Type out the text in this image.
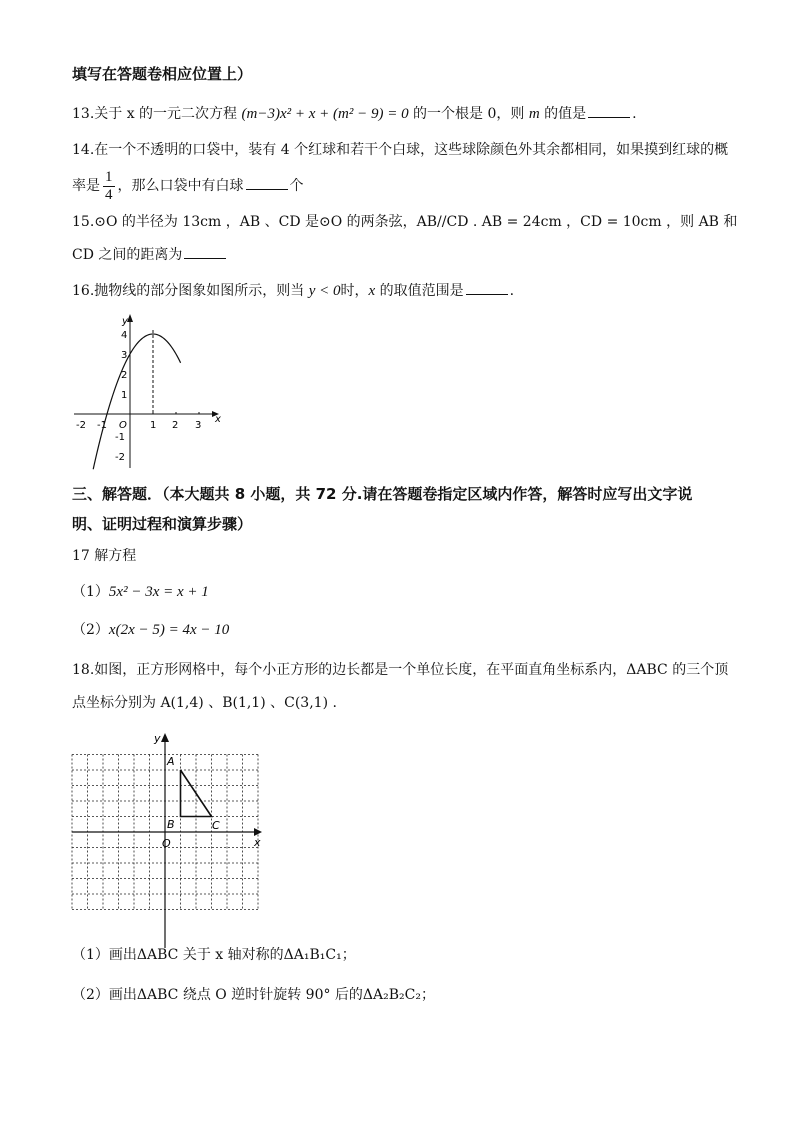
填写在答题卷相应位置上）
13.关于 x 的一元二次方程 (m−3)x² + x + (m² − 9) = 0 的一个根是 0，则 m 的值是	.
14.在一个不透明的口袋中，装有 4 个红球和若干个白球，这些球除颜色外其余都相同，如果摸到红球的概
率是 $\frac{1}{4}$ ，那么口袋中有白球	个
15.⊙O 的半径为 13cm ，AB 、CD 是⊙O 的两条弦，AB//CD . AB = 24cm ，CD = 10cm ，则 AB 和
CD 之间的距离为
16.抛物线的部分图象如图所示，则当 y < 0时，x 的取值范围是	.
x
y
O
-2 -1	1 2 3
4
3
2
1
-1
-2
三、解答题．（本大题共 8 小题，共 72 分.请在答题卷指定区域内作答，解答时应写出文字说
明、证明过程和演算步骤）
17 解方程
（1）5x² − 3x = x + 1
（2）x(2x − 5) = 4x − 10
18.如图，正方形网格中，每个小正方形的边长都是一个单位长度，在平面直角坐标系内，ΔABC 的三个顶
点坐标分别为 A(1,4) 、B(1,1) 、C(3,1) .
x
y
O
A
B	C
（1）画出ΔABC 关于 x 轴对称的ΔA₁B₁C₁；
（2）画出ΔABC 绕点 O 逆时针旋转 90° 后的ΔA₂B₂C₂；
